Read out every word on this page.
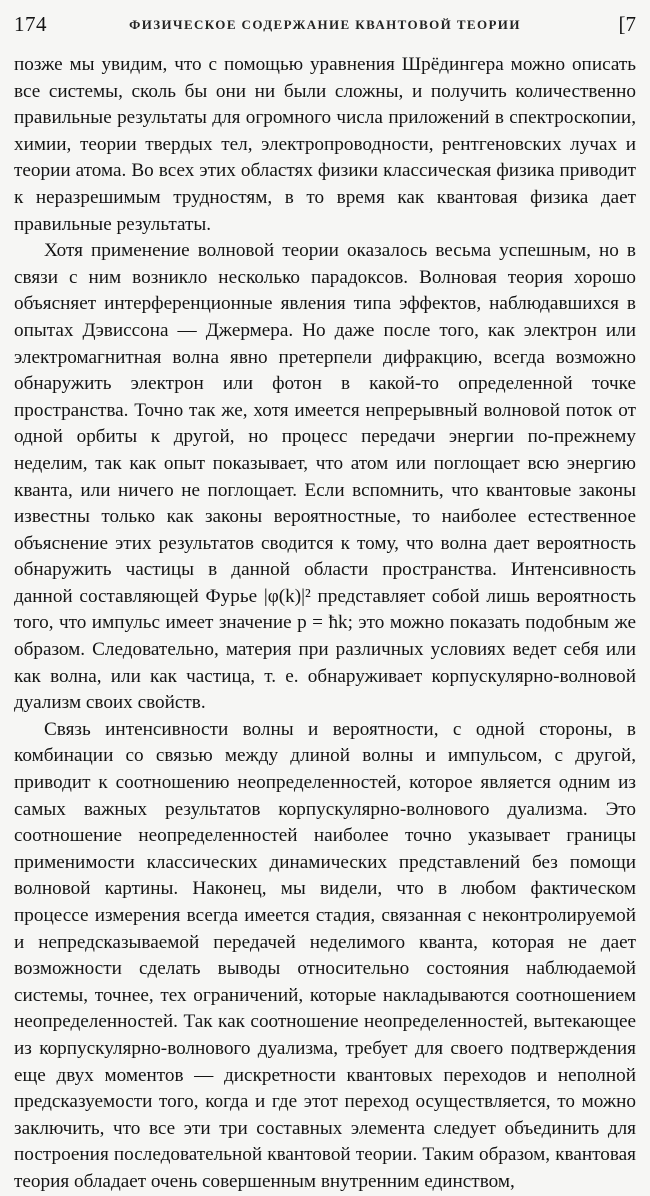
174	ФИЗИЧЕСКОЕ СОДЕРЖАНИЕ КВАНТОВОЙ ТЕОРИИ	[7

позже мы увидим, что с помощью уравнения Шрёдингера можно описать все системы, сколь бы они ни были сложны, и получить количественно правильные результаты для огромного числа приложений в спектроскопии, химии, теории твердых тел, электропроводности, рентгеновских лучах и теории атома. Во всех этих областях физики классическая физика приводит к неразрешимым трудностям, в то время как квантовая физика дает правильные результаты.

Хотя применение волновой теории оказалось весьма успешным, но в связи с ним возникло несколько парадоксов. Волновая теория хорошо объясняет интерференционные явления типа эффектов, наблюдавшихся в опытах Дэвиссона — Джермера. Но даже после того, как электрон или электромагнитная волна явно претерпели дифракцию, всегда возможно обнаружить электрон или фотон в какой-то определенной точке пространства. Точно так же, хотя имеется непрерывный волновой поток от одной орбиты к другой, но процесс передачи энергии по-прежнему неделим, так как опыт показывает, что атом или поглощает всю энергию кванта, или ничего не поглощает. Если вспомнить, что квантовые законы известны только как законы вероятностные, то наиболее естественное объяснение этих результатов сводится к тому, что волна дает вероятность обнаружить частицы в данной области пространства. Интенсивность данной составляющей Фурье |φ(k)|² представляет собой лишь вероятность того, что импульс имеет значение p = ħk; это можно показать подобным же образом. Следовательно, материя при различных условиях ведет себя или как волна, или как частица, т. е. обнаруживает корпускулярно-волновой дуализм своих свойств.

Связь интенсивности волны и вероятности, с одной стороны, в комбинации со связью между длиной волны и импульсом, с другой, приводит к соотношению неопределенностей, которое является одним из самых важных результатов корпускулярно-волнового дуализма. Это соотношение неопределенностей наиболее точно указывает границы применимости классических динамических представлений без помощи волновой картины. Наконец, мы видели, что в любом фактическом процессе измерения всегда имеется стадия, связанная с неконтролируемой и непредсказываемой передачей неделимого кванта, которая не дает возможности сделать выводы относительно состояния наблюдаемой системы, точнее, тех ограничений, которые накладываются соотношением неопределенностей. Так как соотношение неопределенностей, вытекающее из корпускулярно-волнового дуализма, требует для своего подтверждения еще двух моментов — дискретности квантовых переходов и неполной предсказуемости того, когда и где этот переход осуществляется, то можно заключить, что все эти три составных элемента следует объединить для построения последовательной квантовой теории. Таким образом, квантовая теория обладает очень совершенным внутренним единством,
